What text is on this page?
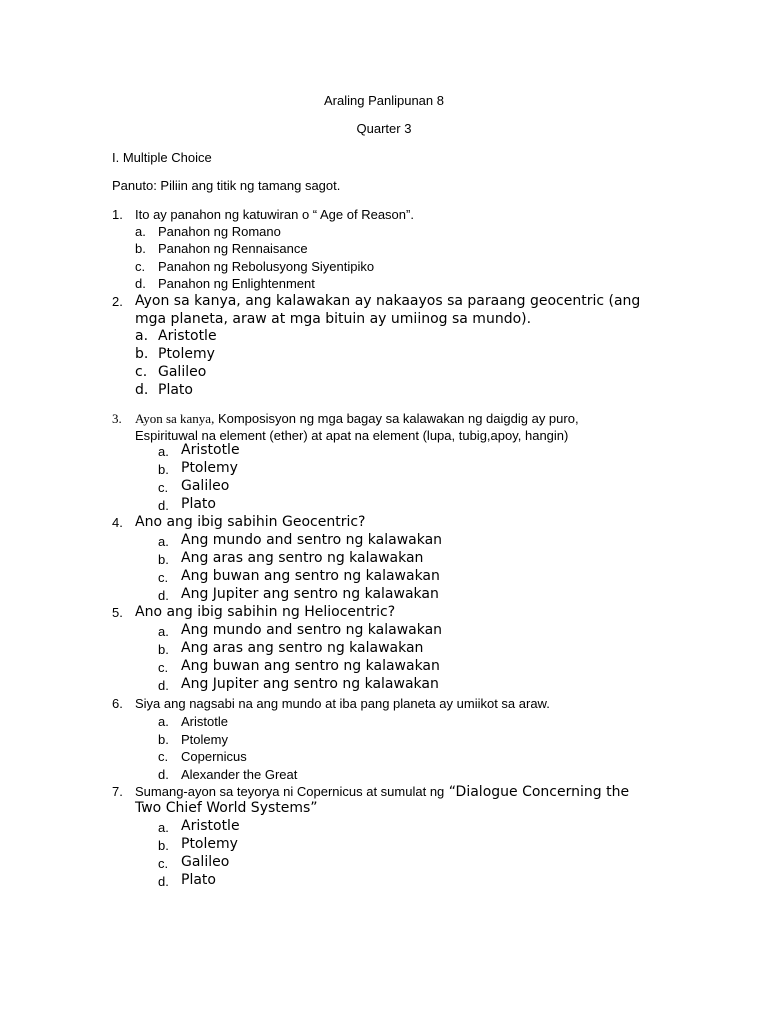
Araling Panlipunan 8
Quarter 3
I. Multiple Choice
Panuto: Piliin ang titik ng tamang sagot.
1. Ito ay panahon ng katuwiran o “ Age of Reason”.
a. Panahon ng Romano
b. Panahon ng Rennaisance
c. Panahon ng Rebolusyong Siyentipiko
d. Panahon ng Enlightenment
2. Ayon sa kanya, ang kalawakan ay nakaayos sa paraang geocentric (ang
mga planeta, araw at mga bituin ay umiinog sa mundo).
a. Aristotle
b. Ptolemy
c. Galileo
d. Plato
3. Ayon sa kanya, Komposisyon ng mga bagay sa kalawakan ng daigdig ay puro,
Espirituwal na element (ether) at apat na element (lupa, tubig,apoy, hangin)
a. Aristotle
b. Ptolemy
c. Galileo
d. Plato
4. Ano ang ibig sabihin Geocentric?
a. Ang mundo and sentro ng kalawakan
b. Ang aras ang sentro ng kalawakan
c. Ang buwan ang sentro ng kalawakan
d. Ang Jupiter ang sentro ng kalawakan
5. Ano ang ibig sabihin ng Heliocentric?
a. Ang mundo and sentro ng kalawakan
b. Ang aras ang sentro ng kalawakan
c. Ang buwan ang sentro ng kalawakan
d. Ang Jupiter ang sentro ng kalawakan
6. Siya ang nagsabi na ang mundo at iba pang planeta ay umiikot sa araw.
a. Aristotle
b. Ptolemy
c. Copernicus
d. Alexander the Great
7. Sumang-ayon sa teyorya ni Copernicus at sumulat ng “Dialogue Concerning the
Two Chief World Systems”
a. Aristotle
b. Ptolemy
c. Galileo
d. Plato
